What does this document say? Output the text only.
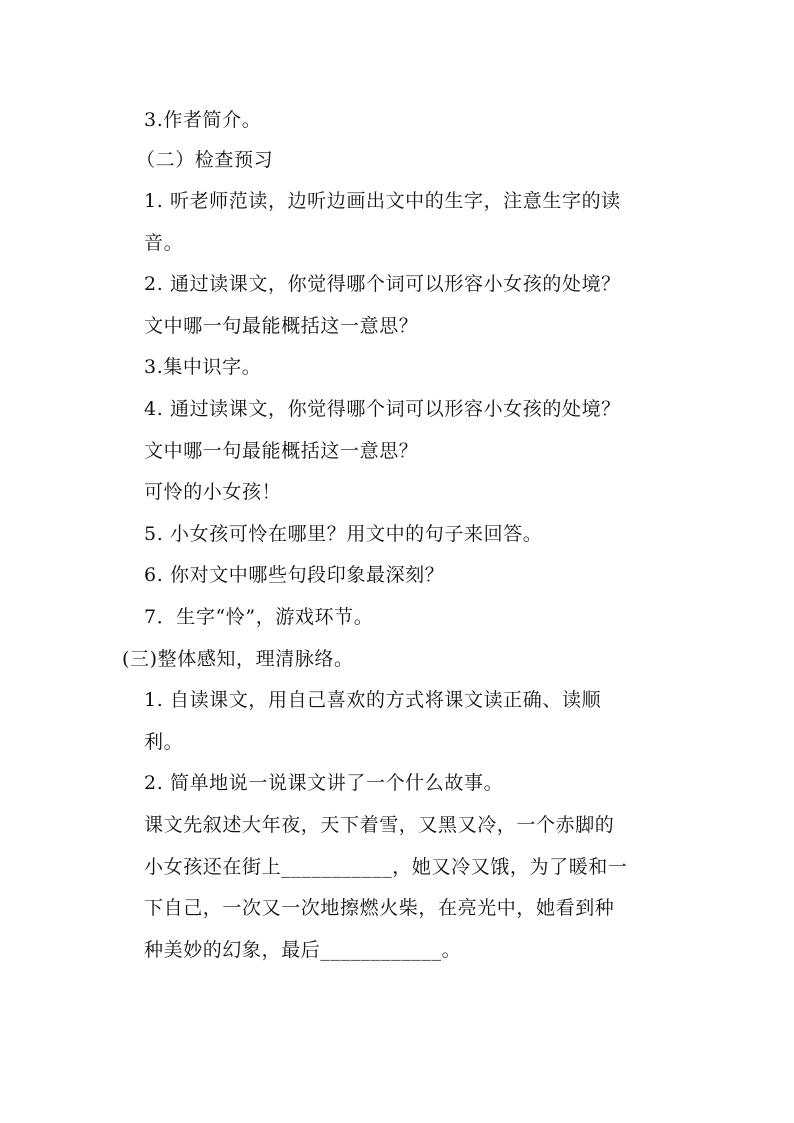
3.作者简介。
（二）检查预习
1. 听老师范读，边听边画出文中的生字，注意生字的读
音。
2. 通过读课文，你觉得哪个词可以形容小女孩的处境？
文中哪一句最能概括这一意思？
3.集中识字。
4. 通过读课文，你觉得哪个词可以形容小女孩的处境？
文中哪一句最能概括这一意思？
可怜的小女孩！
5. 小女孩可怜在哪里？用文中的句子来回答。
6. 你对文中哪些句段印象最深刻？
7．生字“怜”，游戏环节。
(三)整体感知，理清脉络。
1. 自读课文，用自己喜欢的方式将课文读正确、读顺
利。
2. 简单地说一说课文讲了一个什么故事。
课文先叙述大年夜，天下着雪，又黑又冷，一个赤脚的
小女孩还在街上___________，她又冷又饿，为了暖和一
下自己，一次又一次地擦燃火柴，在亮光中，她看到种
种美妙的幻象，最后____________。
